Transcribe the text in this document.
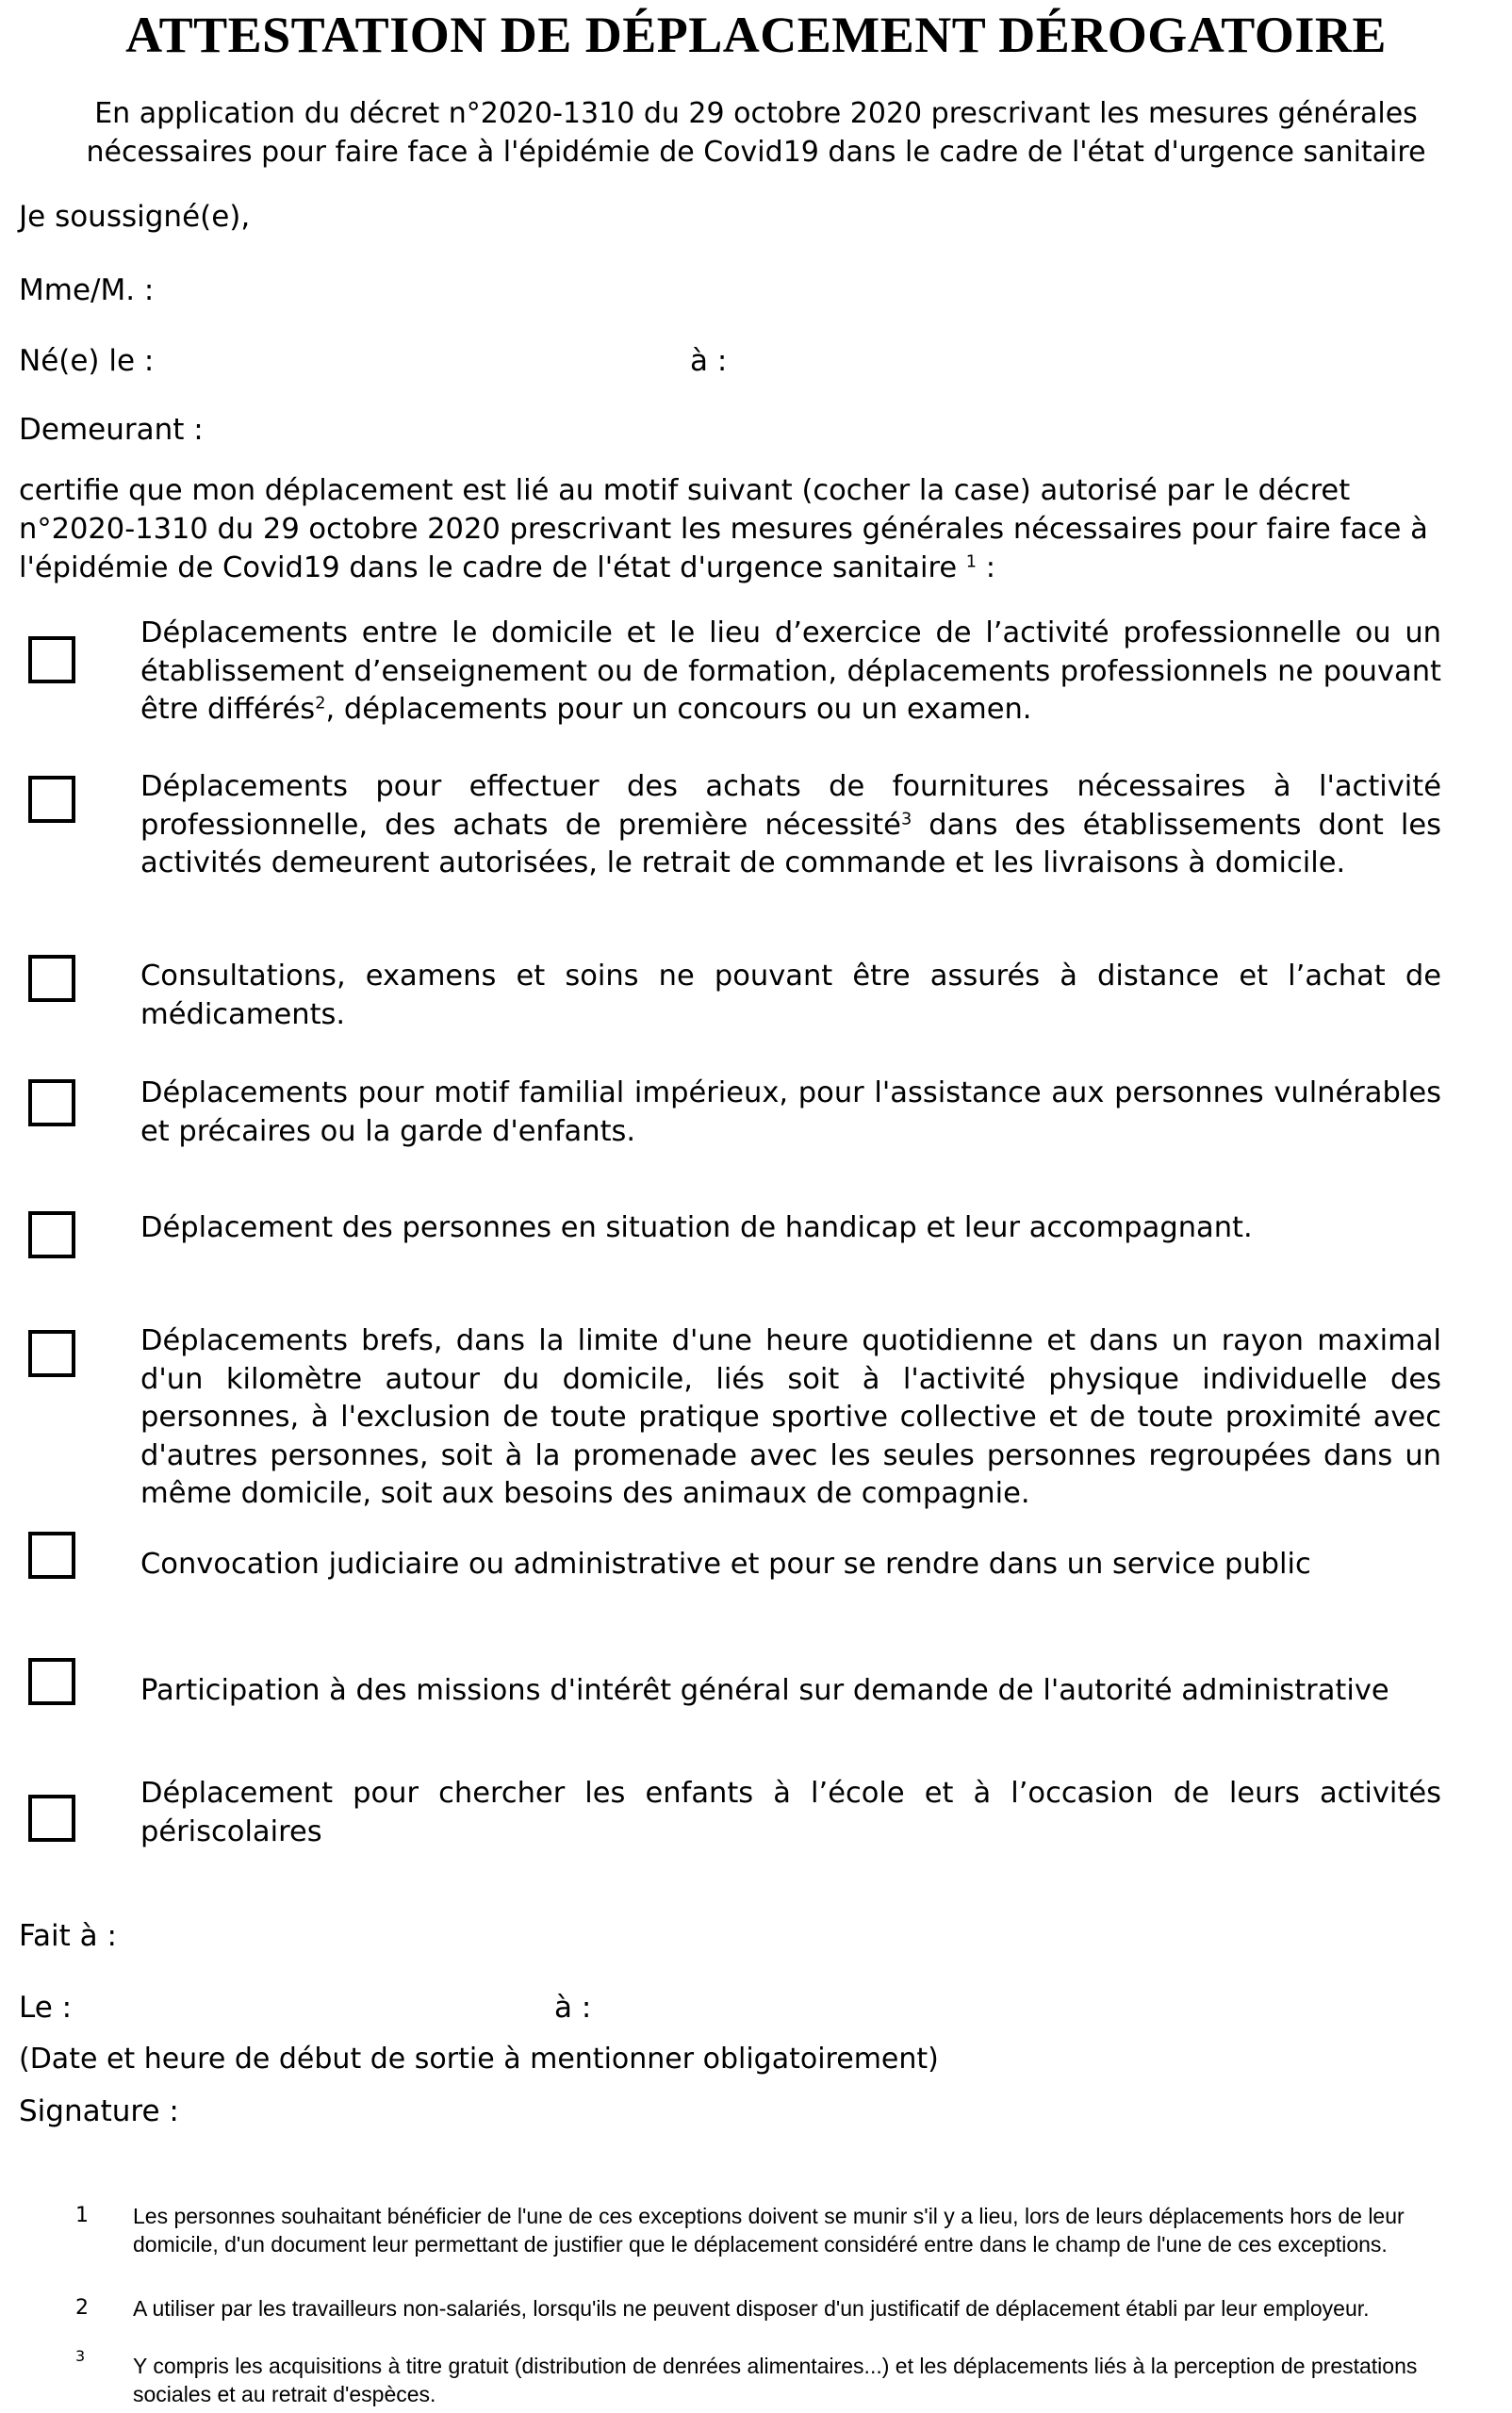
ATTESTATION DE DÉPLACEMENT DÉROGATOIRE
En application du décret n°2020-1310 du 29 octobre 2020 prescrivant les mesures générales
nécessaires pour faire face à l'épidémie de Covid19 dans le cadre de l'état d'urgence sanitaire
Je soussigné(e),
Mme/M. :
Né(e) le :	à :
Demeurant :
certifie que mon déplacement est lié au motif suivant (cocher la case) autorisé par le décret
n°2020-1310 du 29 octobre 2020 prescrivant les mesures générales nécessaires pour faire face à
l'épidémie de Covid19 dans le cadre de l'état d'urgence sanitaire $^1$ :
Déplacements entre le domicile et le lieu d’exercice de l’activité professionnelle ou un établissement d’enseignement ou de formation, déplacements professionnels ne pouvant être différés$^2$, déplacements pour un concours ou un examen.
Déplacements pour effectuer des achats de fournitures nécessaires à l'activité professionnelle, des achats de première nécessité$^3$ dans des établissements dont les activités demeurent autorisées, le retrait de commande et les livraisons à domicile.
Consultations, examens et soins ne pouvant être assurés à distance et l’achat de médicaments.
Déplacements pour motif familial impérieux, pour l'assistance aux personnes vulnérables et précaires ou la garde d'enfants.
Déplacement des personnes en situation de handicap et leur accompagnant.
Déplacements brefs, dans la limite d'une heure quotidienne et dans un rayon maximal d'un kilomètre autour du domicile, liés soit à l'activité physique individuelle des personnes, à l'exclusion de toute pratique sportive collective et de toute proximité avec d'autres personnes, soit à la promenade avec les seules personnes regroupées dans un même domicile, soit aux besoins des animaux de compagnie.
Convocation judiciaire ou administrative et pour se rendre dans un service public
Participation à des missions d'intérêt général sur demande de l'autorité administrative
Déplacement pour chercher les enfants à l’école et à l’occasion de leurs activités périscolaires
Fait à :
Le :	à :
(Date et heure de début de sortie à mentionner obligatoirement)
Signature :
1	Les personnes souhaitant bénéficier de l'une de ces exceptions doivent se munir s'il y a lieu, lors de leurs déplacements hors de leur domicile, d'un document leur permettant de justifier que le déplacement considéré entre dans le champ de l'une de ces exceptions.
2	A utiliser par les travailleurs non-salariés, lorsqu'ils ne peuvent disposer d'un justificatif de déplacement établi par leur employeur.
3	Y compris les acquisitions à titre gratuit (distribution de denrées alimentaires...) et les déplacements liés à la perception de prestations sociales et au retrait d'espèces.
